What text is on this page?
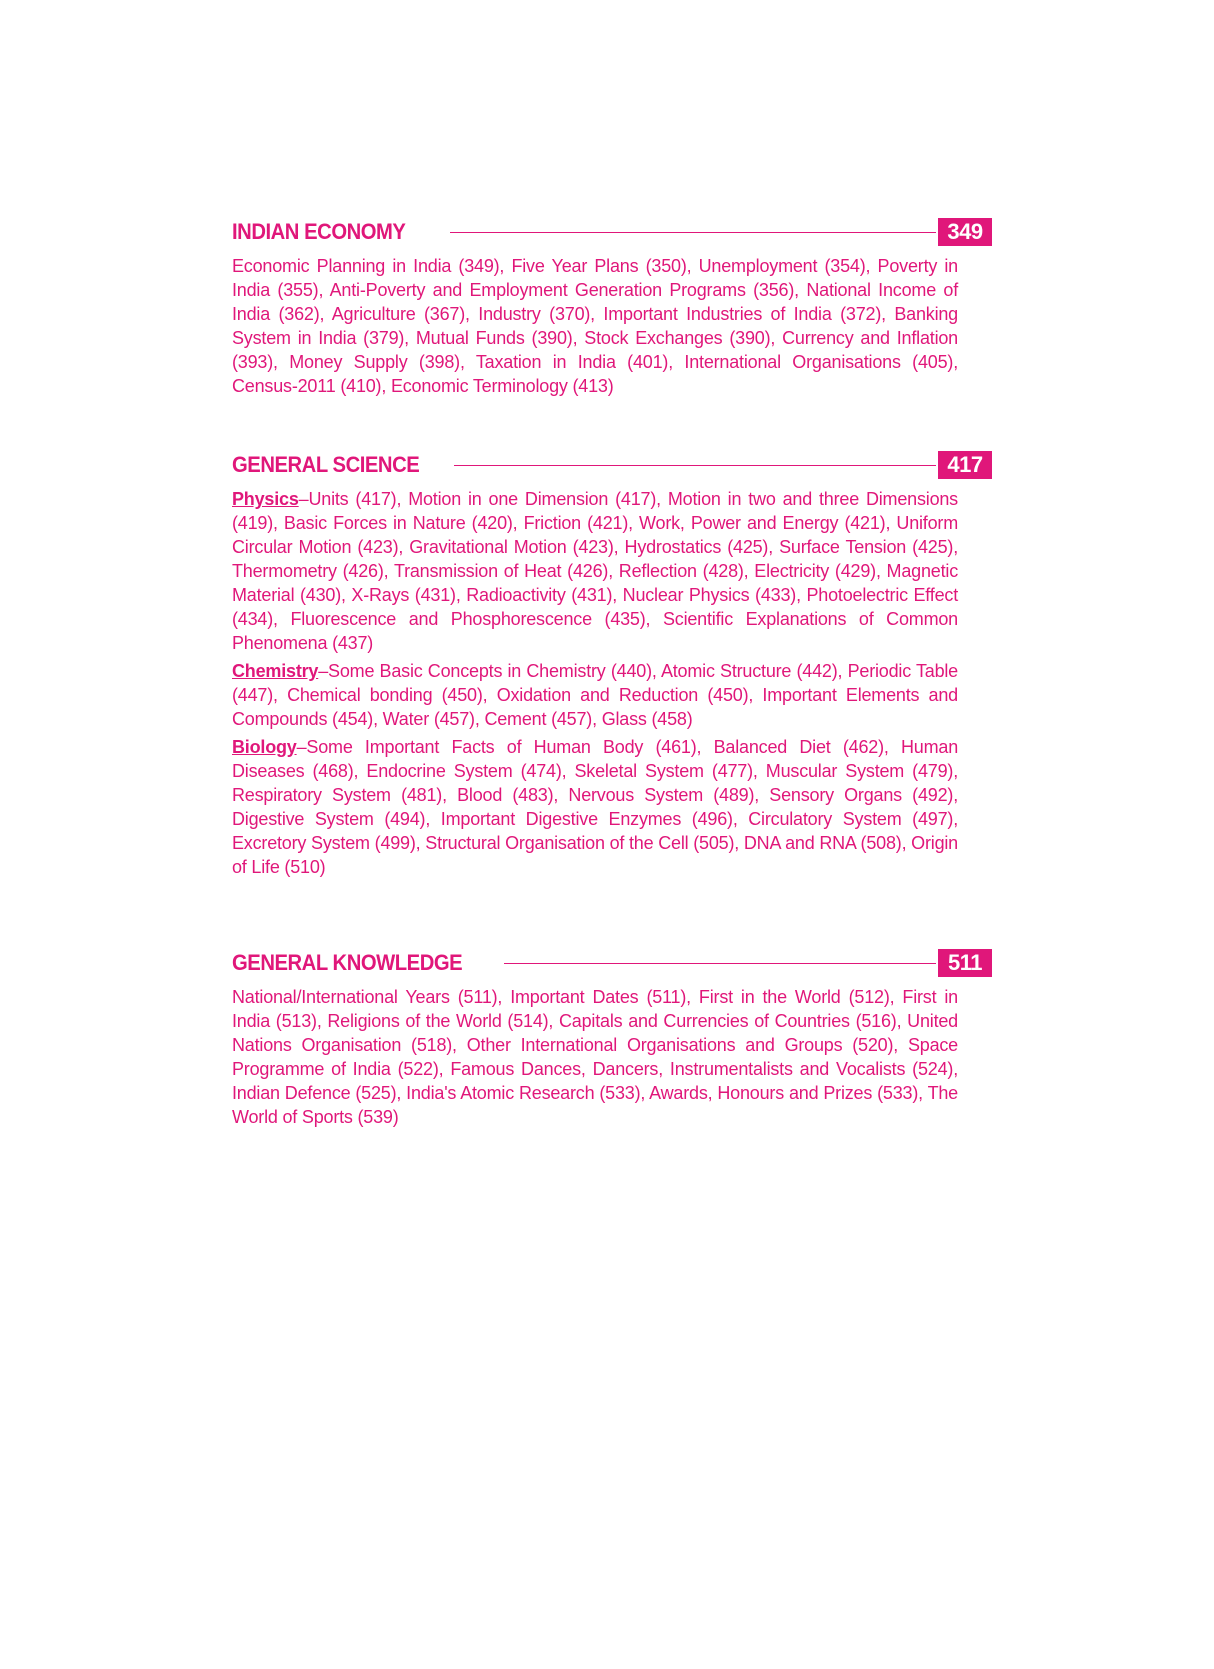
INDIAN ECONOMY	349

Economic Planning in India (349), Five Year Plans (350), Unemployment (354), Poverty in India (355), Anti-Poverty and Employment Generation Programs (356), National Income of India (362), Agriculture (367), Industry (370), Important Industries of India (372), Banking System in India (379), Mutual Funds (390), Stock Exchanges (390), Currency and Inflation (393), Money Supply (398), Taxation in India (401), International Organisations (405), Census-2011 (410), Economic Terminology (413)

GENERAL SCIENCE	417

Physics–Units (417), Motion in one Dimension (417), Motion in two and three Dimensions (419), Basic Forces in Nature (420), Friction (421), Work, Power and Energy (421), Uniform Circular Motion (423), Gravitational Motion (423), Hydrostatics (425), Surface Tension (425), Thermometry (426), Transmission of Heat (426), Reflection (428), Electricity (429), Magnetic Material (430), X-Rays (431), Radioactivity (431), Nuclear Physics (433), Photoelectric Effect (434), Fluorescence and Phosphorescence (435), Scientific Explanations of Common Phenomena (437)

Chemistry–Some Basic Concepts in Chemistry (440), Atomic Structure (442), Periodic Table (447), Chemical bonding (450), Oxidation and Reduction (450), Important Elements and Compounds (454), Water (457), Cement (457), Glass (458)

Biology–Some Important Facts of Human Body (461), Balanced Diet (462), Human Diseases (468), Endocrine System (474), Skeletal System (477), Muscular System (479), Respiratory System (481), Blood (483), Nervous System (489), Sensory Organs (492), Digestive System (494), Important Digestive Enzymes (496), Circulatory System (497), Excretory System (499), Structural Organisation of the Cell (505), DNA and RNA (508), Origin of Life (510)

GENERAL KNOWLEDGE	511

National/International Years (511), Important Dates (511), First in the World (512), First in India (513), Religions of the World (514), Capitals and Currencies of Countries (516), United Nations Organisation (518), Other International Organisations and Groups (520), Space Programme of India (522), Famous Dances, Dancers, Instrumentalists and Vocalists (524), Indian Defence (525), India's Atomic Research (533), Awards, Honours and Prizes (533), The World of Sports (539)
